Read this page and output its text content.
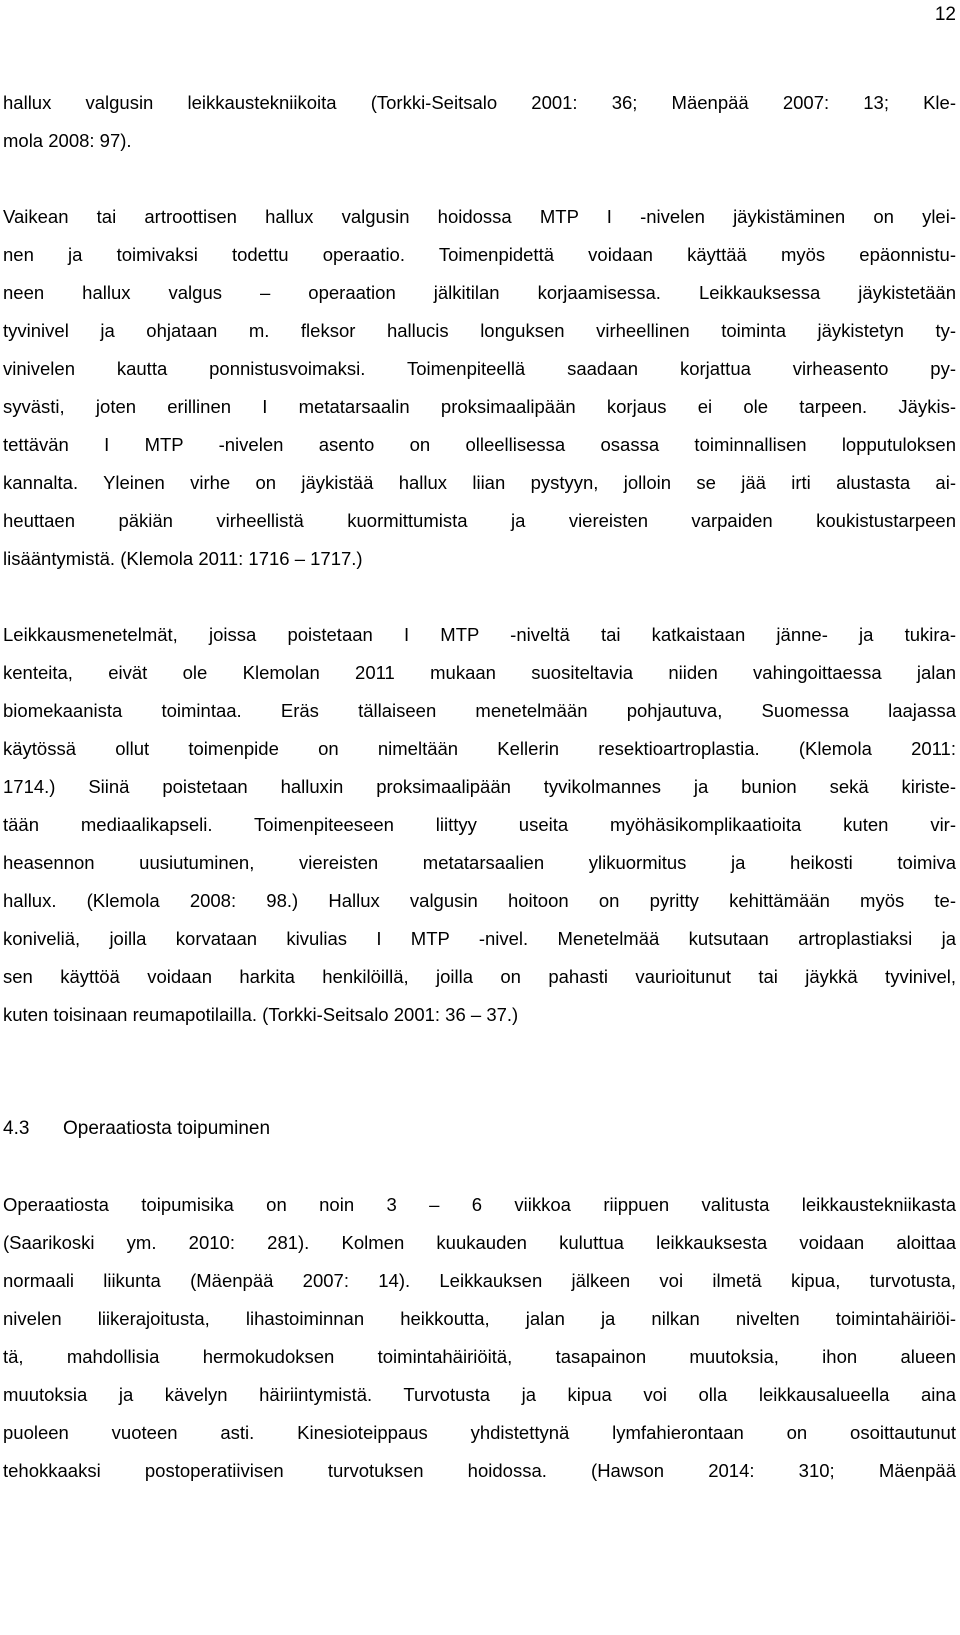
12
hallux valgusin leikkaustekniikoita (Torkki-Seitsalo 2001: 36; Mäenpää 2007: 13; Kle-
mola 2008: 97).
Vaikean tai artroottisen hallux valgusin hoidossa MTP I -nivelen jäykistäminen on ylei-
nen ja toimivaksi todettu operaatio. Toimenpidettä voidaan käyttää myös epäonnistu-
neen hallux valgus – operaation jälkitilan korjaamisessa. Leikkauksessa jäykistetään
tyvinivel ja ohjataan m. fleksor hallucis longuksen virheellinen toiminta jäykistetyn ty-
vinivelen kautta ponnistusvoimaksi. Toimenpiteellä saadaan korjattua virheasento py-
syvästi, joten erillinen I metatarsaalin proksimaalipään korjaus ei ole tarpeen. Jäykis-
tettävän I MTP -nivelen asento on olleellisessa osassa toiminnallisen lopputuloksen
kannalta. Yleinen virhe on jäykistää hallux liian pystyyn, jolloin se jää irti alustasta ai-
heuttaen päkiän virheellistä kuormittumista ja viereisten varpaiden koukistustarpeen
lisääntymistä. (Klemola 2011: 1716 – 1717.)
Leikkausmenetelmät, joissa poistetaan I MTP -niveltä tai katkaistaan jänne- ja tukira-
kenteita, eivät ole Klemolan 2011 mukaan suositeltavia niiden vahingoittaessa jalan
biomekaanista toimintaa. Eräs tällaiseen menetelmään pohjautuva, Suomessa laajassa
käytössä ollut toimenpide on nimeltään Kellerin resektioartroplastia. (Klemola 2011:
1714.) Siinä poistetaan halluxin proksimaalipään tyvikolmannes ja bunion sekä kiriste-
tään mediaalikapseli. Toimenpiteeseen liittyy useita myöhäsikomplikaatioita kuten vir-
heasennon uusiutuminen, viereisten metatarsaalien ylikuormitus ja heikosti toimiva
hallux. (Klemola 2008: 98.) Hallux valgusin hoitoon on pyritty kehittämään myös te-
koniveliä, joilla korvataan kivulias I MTP -nivel. Menetelmää kutsutaan artroplastiaksi ja
sen käyttöä voidaan harkita henkilöillä, joilla on pahasti vaurioitunut tai jäykkä tyvinivel,
kuten toisinaan reumapotilailla. (Torkki-Seitsalo 2001: 36 – 37.)
4.3 Operaatiosta toipuminen
Operaatiosta toipumisika on noin 3 – 6 viikkoa riippuen valitusta leikkaustekniikasta
(Saarikoski ym. 2010: 281). Kolmen kuukauden kuluttua leikkauksesta voidaan aloittaa
normaali liikunta (Mäenpää 2007: 14). Leikkauksen jälkeen voi ilmetä kipua, turvotusta,
nivelen liikerajoitusta, lihastoiminnan heikkoutta, jalan ja nilkan nivelten toimintahäiriöi-
tä, mahdollisia hermokudoksen toimintahäiriöitä, tasapainon muutoksia, ihon alueen
muutoksia ja kävelyn häiriintymistä. Turvotusta ja kipua voi olla leikkausalueella aina
puoleen vuoteen asti. Kinesioteippaus yhdistettynä lymfahierontaan on osoittautunut
tehokkaaksi postoperatiivisen turvotuksen hoidossa. (Hawson 2014: 310; Mäenpää
